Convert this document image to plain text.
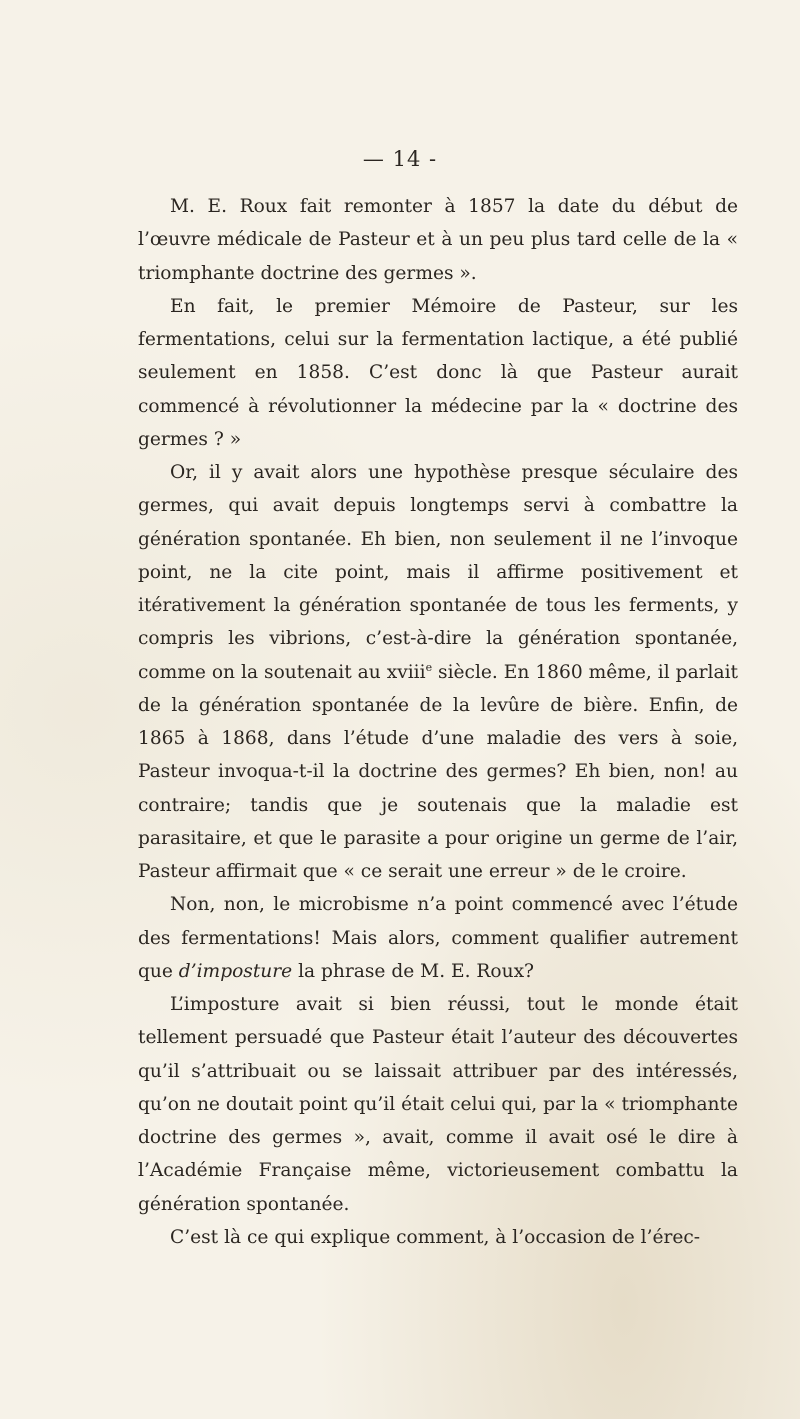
— 14 -

M. E. Roux fait remonter à 1857 la date du début de l’œuvre médicale de Pasteur et à un peu plus tard celle de la « triomphante doctrine des germes ».

En fait, le premier Mémoire de Pasteur, sur les fermentations, celui sur la fermentation lactique, a été publié seulement en 1858. C’est donc là que Pasteur aurait commencé à révolutionner la médecine par la « doctrine des germes ? »

Or, il y avait alors une hypothèse presque séculaire des germes, qui avait depuis longtemps servi à combattre la génération spontanée. Eh bien, non seulement il ne l’invoque point, ne la cite point, mais il affirme positivement et itérativement la génération spontanée de tous les ferments, y compris les vibrions, c’est-à-dire la génération spontanée, comme on la soutenait au xviii$^e$ siècle. En 1860 même, il parlait de la génération spontanée de la levûre de bière. Enfin, de 1865 à 1868, dans l’étude d’une maladie des vers à soie, Pasteur invoqua-t-il la doctrine des germes? Eh bien, non! au contraire; tandis que je soutenais que la maladie est parasitaire, et que le parasite a pour origine un germe de l’air, Pasteur affirmait que « ce serait une erreur » de le croire.

Non, non, le microbisme n’a point commencé avec l’étude des fermentations! Mais alors, comment qualifier autrement que d’imposture la phrase de M. E. Roux?

L’imposture avait si bien réussi, tout le monde était tellement persuadé que Pasteur était l’auteur des découvertes qu’il s’attribuait ou se laissait attribuer par des intéressés, qu’on ne doutait point qu’il était celui qui, par la « triomphante doctrine des germes », avait, comme il avait osé le dire à l’Académie Française même, victorieusement combattu la génération spontanée.

C’est là ce qui explique comment, à l’occasion de l’érec-
